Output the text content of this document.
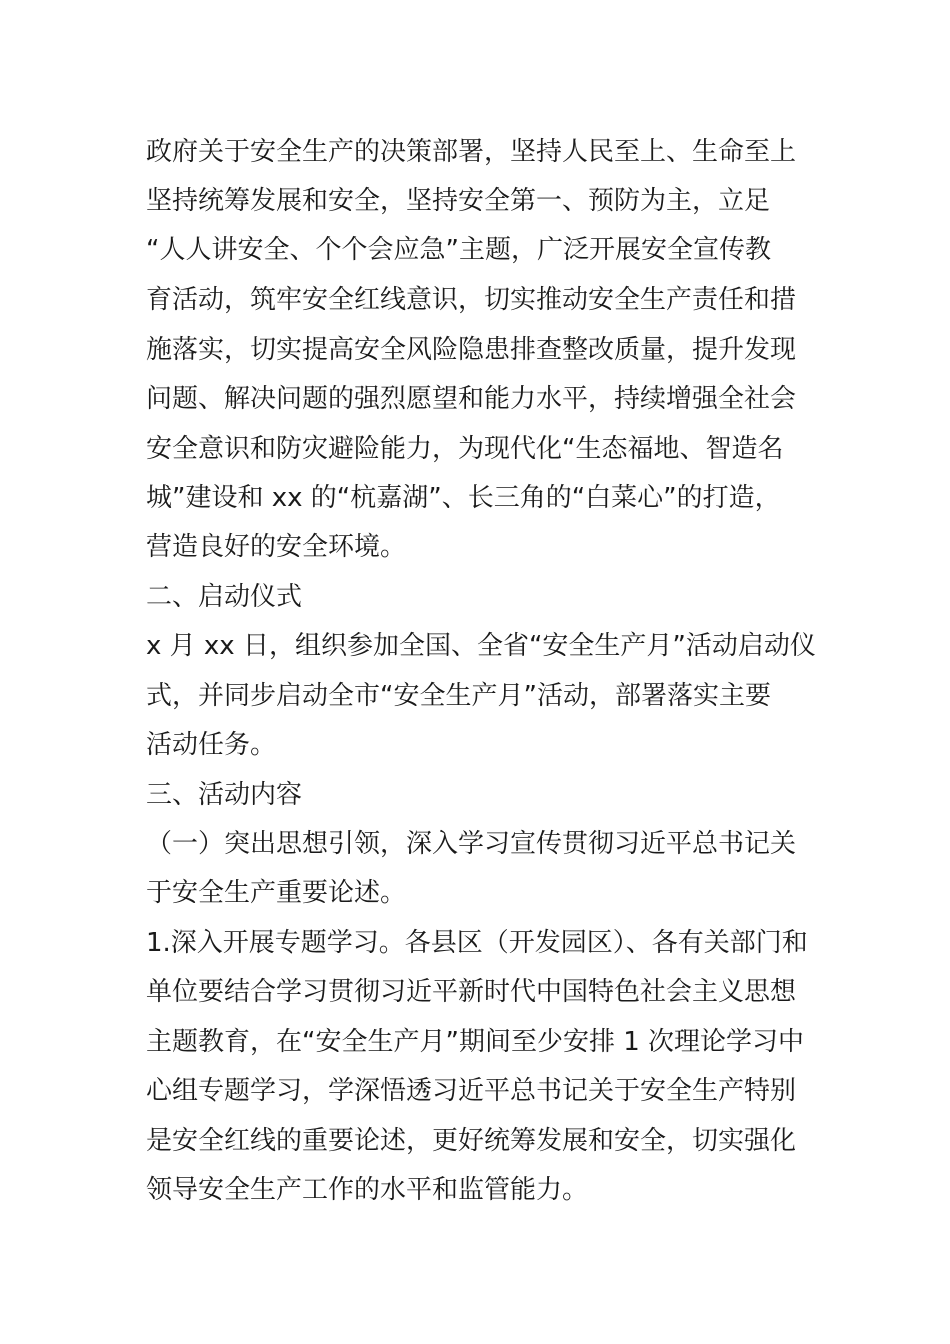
政府关于安全生产的决策部署，坚持人民至上、生命至上
坚持统筹发展和安全，坚持安全第一、预防为主，立足
“人人讲安全、个个会应急”主题，广泛开展安全宣传教
育活动，筑牢安全红线意识，切实推动安全生产责任和措
施落实，切实提高安全风险隐患排查整改质量，提升发现
问题、解决问题的强烈愿望和能力水平，持续增强全社会
安全意识和防灾避险能力，为现代化“生态福地、智造名
城”建设和 xx 的“杭嘉湖”、长三角的“白菜心”的打造，
营造良好的安全环境。
二、启动仪式
x 月 xx 日，组织参加全国、全省“安全生产月”活动启动仪
式，并同步启动全市“安全生产月”活动，部署落实主要
活动任务。
三、活动内容
（一）突出思想引领，深入学习宣传贯彻习近平总书记关
于安全生产重要论述。
1.深入开展专题学习。各县区（开发园区）、各有关部门和
单位要结合学习贯彻习近平新时代中国特色社会主义思想
主题教育，在“安全生产月”期间至少安排 1 次理论学习中
心组专题学习，学深悟透习近平总书记关于安全生产特别
是安全红线的重要论述，更好统筹发展和安全，切实强化
领导安全生产工作的水平和监管能力。
